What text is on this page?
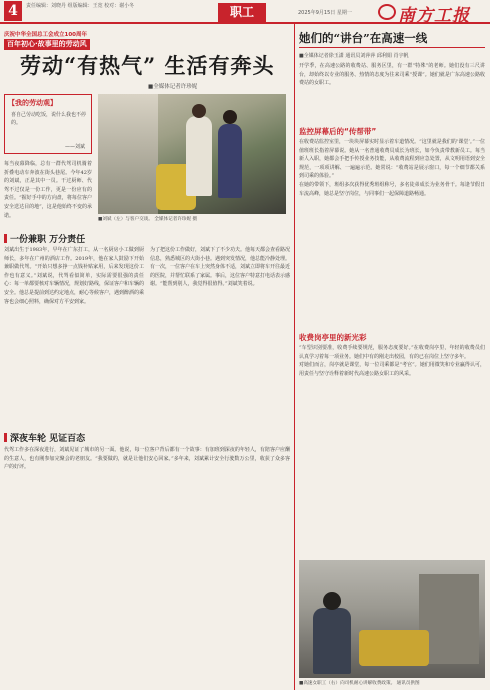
4	责任编辑：刘晓丹 组版编辑：王宽 校对：谢小冬	职工	2025年9月15日 星期一	南方工报
庆祝中华全国总工会成立100周年
百年初心·故事里的劳动风
劳动“有热气” 生活有奔头
■全媒体记者许珍妮
【我的劳动观】
喜自己劳动吃饭，说什么我也不停的。
——刘斌
■刘斌（左）与客户交谈。 全媒体记者许珍妮 摄
每当夜幕降临，总有一群代驾司机骑着折叠电动车奔波在街头巷尾。今年42岁的刘斌，正是其中一员。干过厨师、代驾不过仅是一份工作，更是一份应有的责任。“握好手中的方向盘，将每位客户安全送达目的地”，这是他始终不变的承诺。
一份兼职 万分责任
刘斌出生于1983年，早年在广东打工，从一名厨房小工做到厨师长，多年在广州的酒店工作。2019年，他在家人鼓励下开始兼职做代驾。“开始只想多挣一点钱补贴家用，后来发现这份工作也有意义。”刘斌说，代驾看似简单，实际需要很强的责任心：每一单都要核对车辆情况，规划好路线，保证客户和车辆的安全。他总是提前到达约定地点，耐心等候客户，遇到醉酒的乘客也会细心照料，确保对方平安到家。
为了把这份工作做好，刘斌下了不少功夫。他每天都会查看路况信息，熟悉城区的大街小巷。遇到突发情况，他总能冷静处理。有一次，一位客户在车上突然身体不适，刘斌立即将车开往最近的医院，并帮忙联系了家属。事后，这位客户特意打电话表示感谢。“能帮到别人，我觉得很值得。”刘斌笑着说。
深夜车轮 见证百态
代驾工作多在深夜进行，刘斌见证了城市的另一面。他说，每一位客户背后都有一个故事：有加班到深夜的年轻人，有陪客户应酬的生意人，也有刚参加完聚会的老朋友。“我要做的，就是让他们安心回家。”多年来，刘斌累计安全行驶数万公里，收获了众多客户的好评。
她们的“讲台”在高速一线
■全媒体记者徐玉潇 通讯员刘萍萍 邱利娟 肖宇帆
开学季，在高速公路的收费站、服务区里，有一群“特殊”的老师。她们没有三尺讲台，却始终以专业的服务、热情的态度为往来司乘“授课”。她们就是广东高速公路收费站的女职工。
监控屏幕后的“传帮带”
在收费站监控室里，一块块屏幕实时显示着车道情况。“这里就是我们的‘课堂’。”一位值班班长指着屏幕说。她从一名普通收费员成长为班长，如今负责带教新员工。每当新人入职，她都会手把手传授业务技能，从收费流程到应急处置，从文明用语到安全规范，一项项讲解、一遍遍示范。她常说：“收费站是展示窗口，每一个细节都关系到司乘的体验。”
在她的带领下，班组多次获得优秀班组称号，多名徒弟成长为业务骨干。每逢节假日车流高峰，她总是坚守岗位，与同事们一起保障道路畅通。
收费岗亭里的新光彩
“车型识别要准，收费手续要规范，服务态度要好。”在收费岗亭里，年轻的收费员们认真学习着每一项业务。她们中有的刚走出校园，有的已在岗位上坚守多年。
对她们而言，岗亭就是课堂，每一位司乘都是“考官”。她们用微笑和专业赢得认可，用责任与坚守诠释着新时代高速公路女职工的风采。
■高速女职工（右）向司机耐心讲解收费政策。 通讯员供图
